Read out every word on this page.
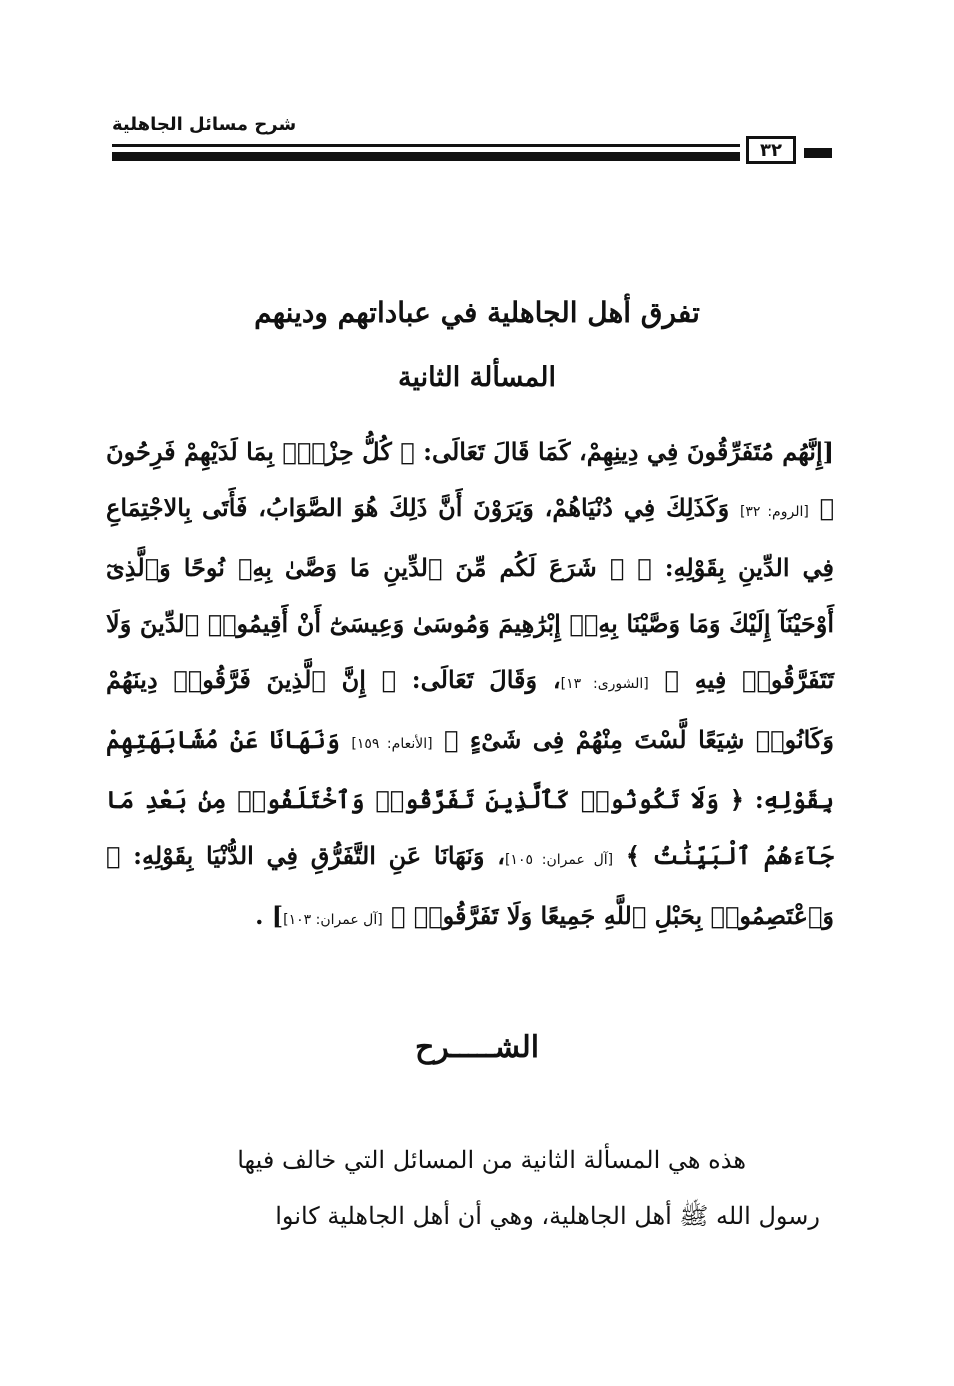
شرح مسائل الجاهلية
٣٢
تفرق أهل الجاهلية في عباداتهم ودينهم
المسألة الثانية
[إِنَّهُم مُتَفَرِّقُونَ فِي دِينِهِمْ، كَمَا قَالَ تَعَالَى: ﴿ كُلُّ حِزْبِۭ بِمَا لَدَيْهِمْ فَرِحُونَ ﴾ [الروم: ٣٢] وَكَذَلِكَ فِي دُنْيَاهُمْ، وَيَرَوْنَ أَنَّ ذَلِكَ هُوَ الصَّوَابُ، فَأَتَى بِالاجْتِمَاعِ فِي الدِّينِ بِقَوْلِهِ: ﴿ ۞ شَرَعَ لَكُم مِّنَ ٱلدِّينِ مَا وَصَّىٰ بِهِۦ نُوحًا وَٱلَّذِىٓ أَوْحَيْنَآ إِلَيْكَ وَمَا وَصَّيْنَا بِهِۦٓ إِبْرَٰهِيمَ وَمُوسَىٰ وَعِيسَىٰٓ أَنْ أَقِيمُوا۟ ٱلدِّينَ وَلَا تَتَفَرَّقُوا۟ فِيهِ ﴾ [الشورى: ١٣]، وَقَالَ تَعَالَى: ﴿ إِنَّ ٱلَّذِينَ فَرَّقُوا۟ دِينَهُمْ وَكَانُوا۟ شِيَعًا لَّسْتَ مِنْهُمْ فِى شَىْءٍ ﴾ [الأنعام: ١٥٩] وَنَهَانَا عَنْ مُشَابَهَتِهِمْ بِقَوْلِهِ: ﴿ وَلَا تَكُونُوا۟ كَٱلَّذِينَ تَفَرَّقُوا۟ وَٱخْتَلَفُوا۟ مِنۢ بَعْدِ مَا جَآءَهُمُ ٱلْبَيِّنَٰتُ ﴾ [آل عمران: ١٠٥]، وَنَهَانَا عَنِ التَّفَرُّقِ فِي الدُّنْيَا بِقَوْلِهِ: ﴿ وَٱعْتَصِمُوا۟ بِحَبْلِ ٱللَّهِ جَمِيعًا وَلَا تَفَرَّقُوا۟ ﴾ [آل عمران: ١٠٣]] .
الشـــــرح
هذه هي المسألة الثانية من المسائل التي خالف فيها
رسول الله ﷺ أهل الجاهلية، وهي أن أهل الجاهلية كانوا
